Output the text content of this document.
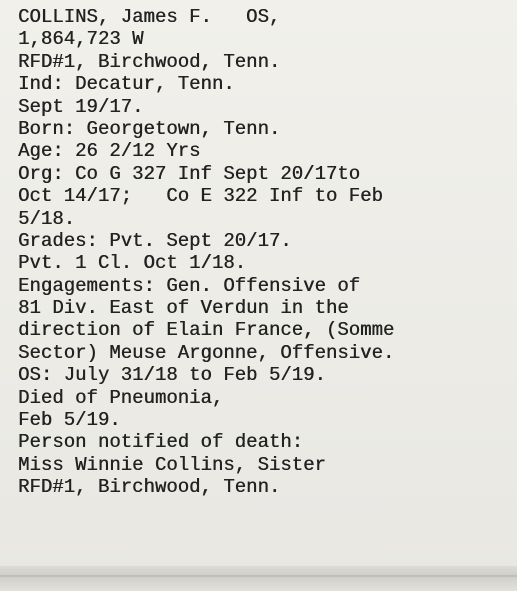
COLLINS, James F.   OS,
1,864,723 W
RFD#1, Birchwood, Tenn.
Ind: Decatur, Tenn.
Sept 19/17.
Born: Georgetown, Tenn.
Age: 26 2/12 Yrs
Org: Co G 327 Inf Sept 20/17to
Oct 14/17;   Co E 322 Inf to Feb
5/18.
Grades: Pvt. Sept 20/17.
Pvt. 1 Cl. Oct 1/18.
Engagements: Gen. Offensive of
81 Div. East of Verdun in the
direction of Elain France, (Somme
Sector) Meuse Argonne, Offensive.
OS: July 31/18 to Feb 5/19.
Died of Pneumonia,
Feb 5/19.
Person notified of death:
Miss Winnie Collins, Sister
RFD#1, Birchwood, Tenn.
